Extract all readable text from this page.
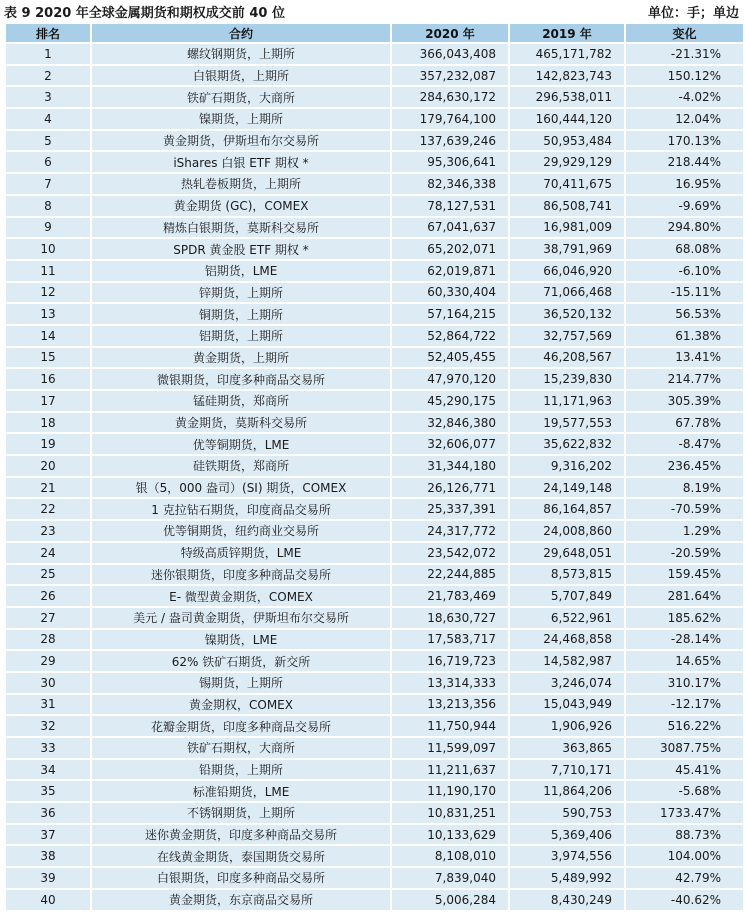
表 9 2020 年全球金属期货和期权成交前 40 位	单位：手；单边
排名	合约	2020 年	2019 年	变化
1	螺纹钢期货，上期所	366,043,408	465,171,782	-21.31%
2	白银期货，上期所	357,232,087	142,823,743	150.12%
3	铁矿石期货，大商所	284,630,172	296,538,011	-4.02%
4	镍期货，上期所	179,764,100	160,444,120	12.04%
5	黄金期货，伊斯坦布尔交易所	137,639,246	50,953,484	170.13%
6	iShares 白银 ETF 期权 *	95,306,641	29,929,129	218.44%
7	热轧卷板期货，上期所	82,346,338	70,411,675	16.95%
8	黄金期货 (GC)，COMEX	78,127,531	86,508,741	-9.69%
9	精炼白银期货，莫斯科交易所	67,041,637	16,981,009	294.80%
10	SPDR 黄金股 ETF 期权 *	65,202,071	38,791,969	68.08%
11	铝期货，LME	62,019,871	66,046,920	-6.10%
12	锌期货，上期所	60,330,404	71,066,468	-15.11%
13	铜期货，上期所	57,164,215	36,520,132	56.53%
14	铝期货，上期所	52,864,722	32,757,569	61.38%
15	黄金期货，上期所	52,405,455	46,208,567	13.41%
16	微银期货，印度多种商品交易所	47,970,120	15,239,830	214.77%
17	锰硅期货，郑商所	45,290,175	11,171,963	305.39%
18	黄金期货，莫斯科交易所	32,846,380	19,577,553	67.78%
19	优等铜期货，LME	32,606,077	35,622,832	-8.47%
20	硅铁期货，郑商所	31,344,180	9,316,202	236.45%
21	银（5，000 盎司）(SI) 期货，COMEX	26,126,771	24,149,148	8.19%
22	1 克拉钻石期货，印度商品交易所	25,337,391	86,164,857	-70.59%
23	优等铜期货，纽约商业交易所	24,317,772	24,008,860	1.29%
24	特级高质锌期货，LME	23,542,072	29,648,051	-20.59%
25	迷你银期货，印度多种商品交易所	22,244,885	8,573,815	159.45%
26	E- 微型黄金期货，COMEX	21,783,469	5,707,849	281.64%
27	美元 / 盎司黄金期货，伊斯坦布尔交易所	18,630,727	6,522,961	185.62%
28	镍期货，LME	17,583,717	24,468,858	-28.14%
29	62% 铁矿石期货，新交所	16,719,723	14,582,987	14.65%
30	锡期货，上期所	13,314,333	3,246,074	310.17%
31	黄金期权，COMEX	13,213,356	15,043,949	-12.17%
32	花瓣金期货，印度多种商品交易所	11,750,944	1,906,926	516.22%
33	铁矿石期权，大商所	11,599,097	363,865	3087.75%
34	铅期货，上期所	11,211,637	7,710,171	45.41%
35	标准铅期货，LME	11,190,170	11,864,206	-5.68%
36	不锈钢期货，上期所	10,831,251	590,753	1733.47%
37	迷你黄金期货，印度多种商品交易所	10,133,629	5,369,406	88.73%
38	在线黄金期货，泰国期货交易所	8,108,010	3,974,556	104.00%
39	白银期货，印度多种商品交易所	7,839,040	5,489,992	42.79%
40	黄金期货，东京商品交易所	5,006,284	8,430,249	-40.62%
